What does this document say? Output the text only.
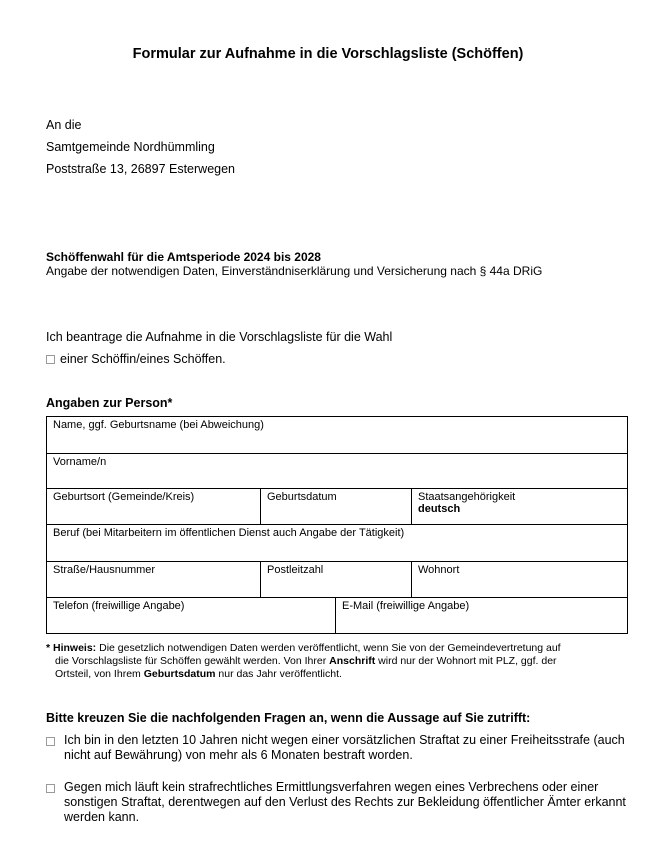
Formular zur Aufnahme in die Vorschlagsliste (Schöffen)
An die
Samtgemeinde Nordhümmling
Poststraße 13, 26897 Esterwegen
Schöffenwahl für die Amtsperiode 2024 bis 2028
Angabe der notwendigen Daten, Einverständniserklärung und Versicherung nach § 44a DRiG
Ich beantrage die Aufnahme in die Vorschlagsliste für die Wahl
einer Schöffin/eines Schöffen.
Angaben zur Person*
Name, ggf. Geburtsname (bei Abweichung)			
Vorname/n			
Geburtsort (Gemeinde/Kreis)	Geburtsdatum		Staatsangehörigkeit
deutsch

Beruf (bei Mitarbeitern im öffentlichen Dienst auch Angabe der Tätigkeit)			
Straße/Hausnummer	Postleitzahl		Wohnort
Telefon (freiwillige Angabe)		E-Mail (freiwillige Angabe)	
* Hinweis: Die gesetzlich notwendigen Daten werden veröffentlicht, wenn Sie von der Gemeindevertretung auf
die Vorschlagsliste für Schöffen gewählt werden. Von Ihrer Anschrift wird nur der Wohnort mit PLZ, ggf. der
Ortsteil, von Ihrem Geburtsdatum nur das Jahr veröffentlicht.
Bitte kreuzen Sie die nachfolgenden Fragen an, wenn die Aussage auf Sie zutrifft:
Ich bin in den letzten 10 Jahren nicht wegen einer vorsätzlichen Straftat zu einer Freiheitsstrafe (auch nicht auf Bewährung) von mehr als 6 Monaten bestraft worden.
Gegen mich läuft kein strafrechtliches Ermittlungsverfahren wegen eines Verbrechens oder einer sonstigen Straftat, derentwegen auf den Verlust des Rechts zur Bekleidung öffentlicher Ämter erkannt werden kann.
